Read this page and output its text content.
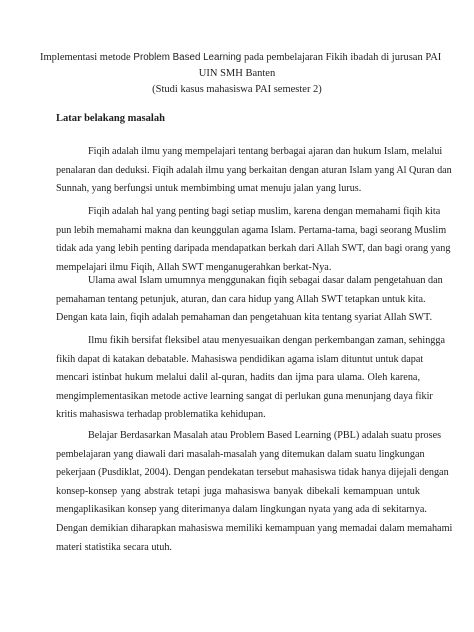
Implementasi metode Problem Based Learning pada pembelajaran Fikih ibadah di jurusan PAI
UIN SMH Banten
(Studi kasus mahasiswa PAI semester 2)
Latar belakang masalah
Fiqih adalah ilmu yang mempelajari tentang berbagai ajaran dan hukum Islam, melalui
penalaran dan deduksi. Fiqih adalah ilmu yang berkaitan dengan aturan Islam yang Al Quran dan
Sunnah, yang berfungsi untuk membimbing umat menuju jalan yang lurus.
Fiqih adalah hal yang penting bagi setiap muslim, karena dengan memahami fiqih kita
pun lebih memahami makna dan keunggulan agama Islam. Pertama-tama, bagi seorang Muslim
tidak ada yang lebih penting daripada mendapatkan berkah dari Allah SWT, dan bagi orang yang
mempelajari ilmu Fiqih, Allah SWT menganugerahkan berkat-Nya.
Ulama awal Islam umumnya menggunakan fiqih sebagai dasar dalam pengetahuan dan
pemahaman tentang petunjuk, aturan, dan cara hidup yang Allah SWT tetapkan untuk kita.
Dengan kata lain, fiqih adalah pemahaman dan pengetahuan kita tentang syariat Allah SWT.
Ilmu fikih bersifat fleksibel atau menyesuaikan dengan perkembangan zaman, sehingga
fikih dapat di katakan debatable. Mahasiswa pendidikan agama islam dituntut untuk dapat
mencari istinbat hukum melalui dalil al-quran, hadits dan ijma para ulama. Oleh karena,
mengimplementasikan metode active learning sangat di perlukan guna menunjang daya fikir
kritis mahasiswa terhadap problematika kehidupan.
Belajar Berdasarkan Masalah atau Problem Based Learning (PBL) adalah suatu proses
pembelajaran yang diawali dari masalah-masalah yang ditemukan dalam suatu lingkungan
pekerjaan (Pusdiklat, 2004). Dengan pendekatan tersebut mahasiswa tidak hanya dijejali dengan
konsep-konsep yang abstrak tetapi juga mahasiswa banyak dibekali kemampuan untuk
mengaplikasikan konsep yang diterimanya dalam lingkungan nyata yang ada di sekitarnya.
Dengan demikian diharapkan mahasiswa memiliki kemampuan yang memadai dalam memahami
materi statistika secara utuh.
